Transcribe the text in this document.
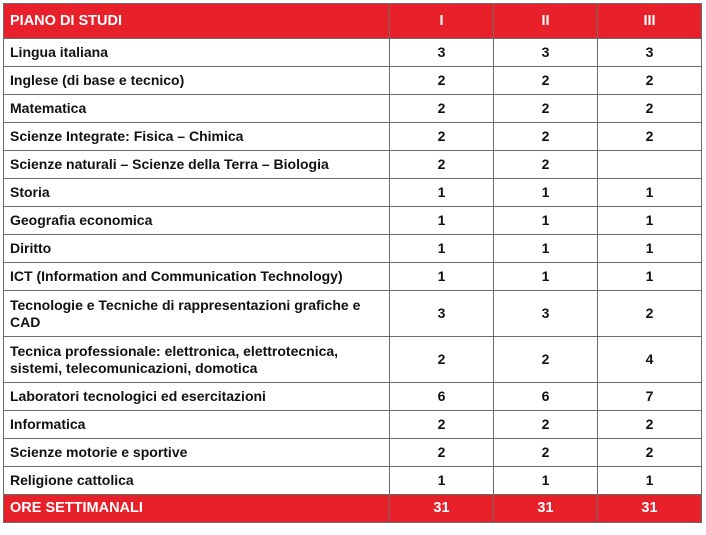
PIANO DI STUDI	I	II	III
Lingua italiana	3	3	3
Inglese (di base e tecnico)	2	2	2
Matematica	2	2	2
Scienze Integrate: Fisica – Chimica	2	2	2
Scienze naturali – Scienze della Terra – Biologia	2	2	
Storia	1	1	1
Geografia economica	1	1	1
Diritto	1	1	1
ICT (Information and Communication Technology)	1	1	1
Tecnologie e Tecniche di rappresentazioni grafiche e CAD	3	3	2
Tecnica professionale: elettronica, elettrotecnica, sistemi, telecomunicazioni, domotica	2	2	4
Laboratori tecnologici ed esercitazioni	6	6	7
Informatica	2	2	2
Scienze motorie e sportive	2	2	2
Religione cattolica	1	1	1
ORE SETTIMANALI	31	31	31
